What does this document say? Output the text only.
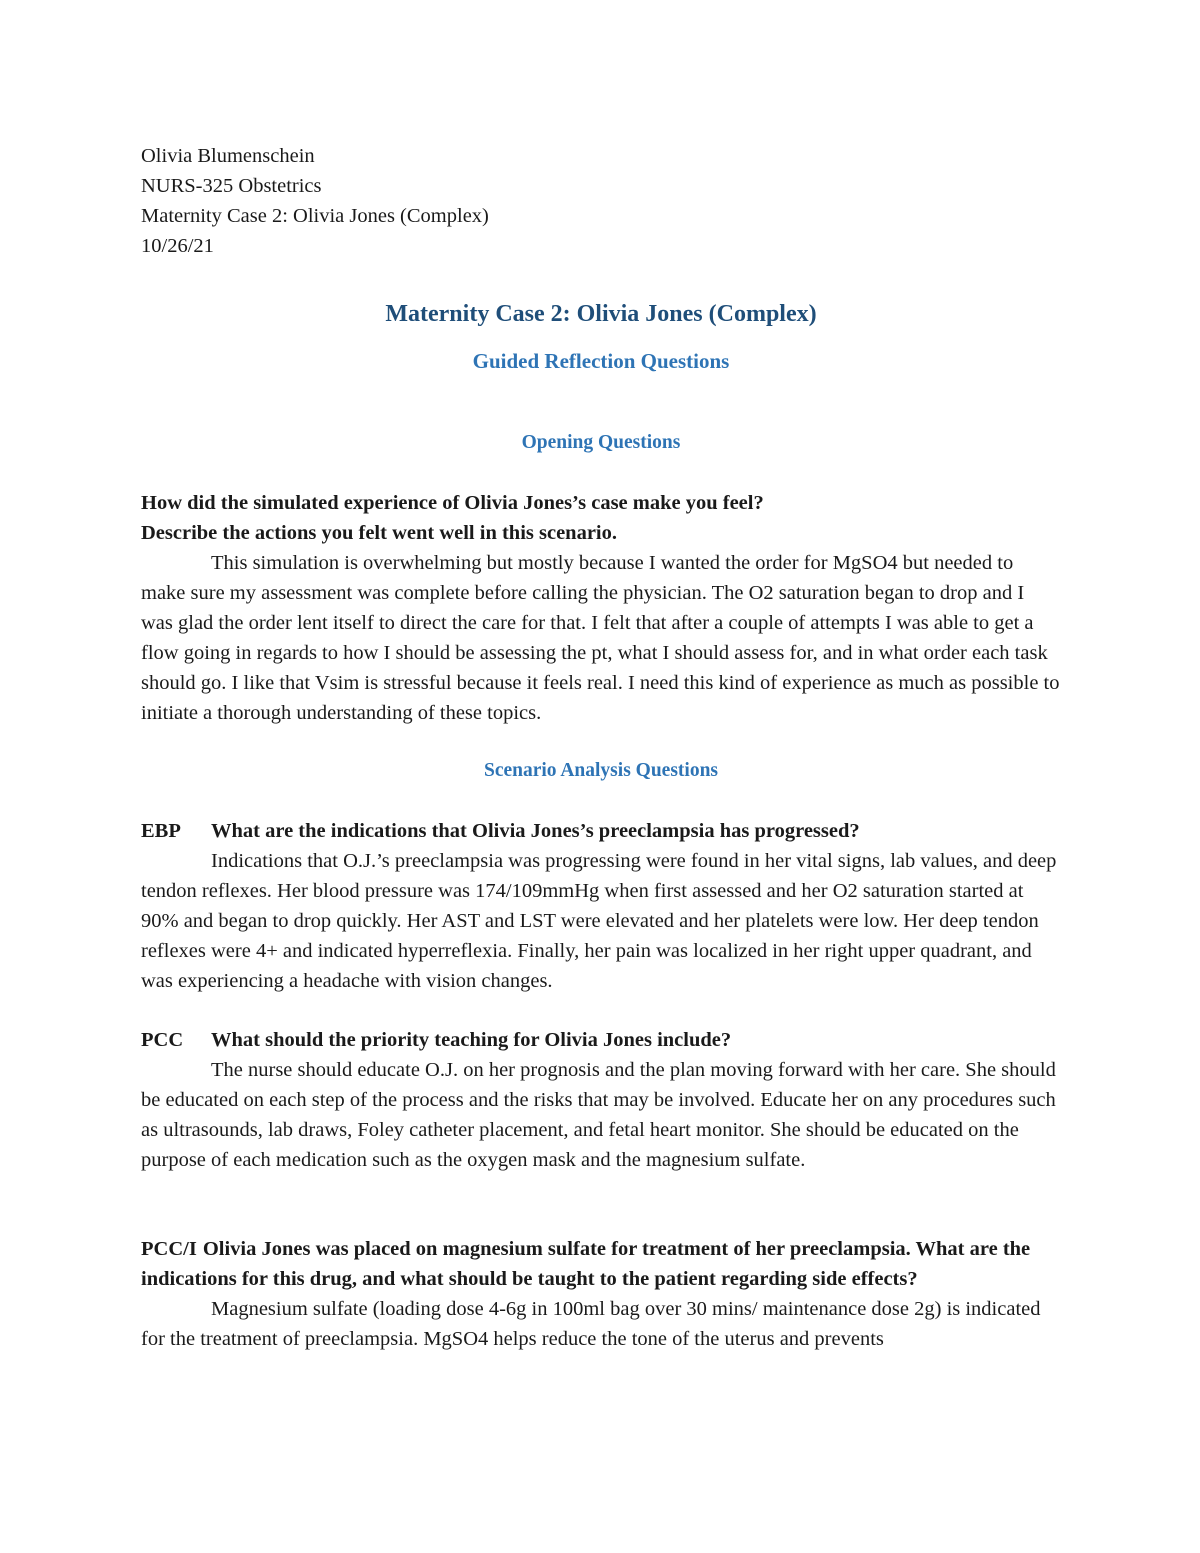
Olivia Blumenschein

NURS-325 Obstetrics

Maternity Case 2: Olivia Jones (Complex)

10/26/21

Maternity Case 2: Olivia Jones (Complex)
Guided Reflection Questions
Opening Questions

How did the simulated experience of Olivia Jones’s case make you feel?

Describe the actions you felt went well in this scenario.

This simulation is overwhelming but mostly because I wanted the order for MgSO4 but needed to make sure my assessment was complete before calling the physician. The O2 saturation began to drop and I was glad the order lent itself to direct the care for that. I felt that after a couple of attempts I was able to get a flow going in regards to how I should be assessing the pt, what I should assess for, and in what order each task should go. I like that Vsim is stressful because it feels real. I need this kind of experience as much as possible to initiate a thorough understanding of these topics.

Scenario Analysis Questions

EBP What are the indications that Olivia Jones’s preeclampsia has progressed?

Indications that O.J.’s preeclampsia was progressing were found in her vital signs, lab values, and deep tendon reflexes. Her blood pressure was 174/109mmHg when first assessed and her O2 saturation started at 90% and began to drop quickly. Her AST and LST were elevated and her platelets were low. Her deep tendon reflexes were 4+ and indicated hyperreflexia. Finally, her pain was localized in her right upper quadrant, and was experiencing a headache with vision changes.

PCC What should the priority teaching for Olivia Jones include?

The nurse should educate O.J. on her prognosis and the plan moving forward with her care. She should be educated on each step of the process and the risks that may be involved. Educate her on any procedures such as ultrasounds, lab draws, Foley catheter placement, and fetal heart monitor. She should be educated on the purpose of each medication such as the oxygen mask and the magnesium sulfate.

PCC/I Olivia Jones was placed on magnesium sulfate for treatment of her preeclampsia. What are the indications for this drug, and what should be taught to the patient regarding side effects?

Magnesium sulfate (loading dose 4-6g in 100ml bag over 30 mins/ maintenance dose 2g) is indicated for the treatment of preeclampsia. MgSO4 helps reduce the tone of the uterus and prevents
